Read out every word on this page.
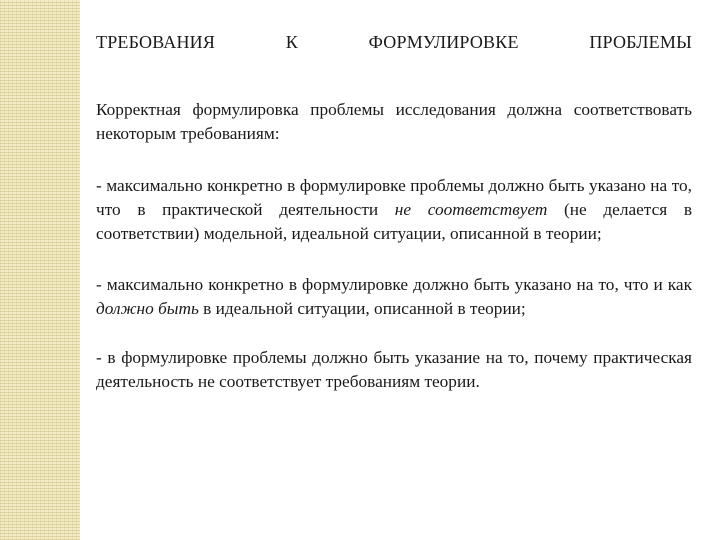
ТРЕБОВАНИЯ	К	ФОРМУЛИРОВКЕ	ПРОБЛЕМЫ

Корректная формулировка проблемы исследования должна соответствовать некоторым требованиям:

- максимально конкретно в формулировке проблемы должно быть указано на то, что в практической деятельности не соответствует (не делается в соответствии) модельной, идеальной ситуации, описанной в теории;

- максимально конкретно в формулировке должно быть указано на то, что и как должно быть в идеальной ситуации, описанной в теории;

- в формулировке проблемы должно быть указание на то, почему практическая деятельность не соответствует требованиям теории.
